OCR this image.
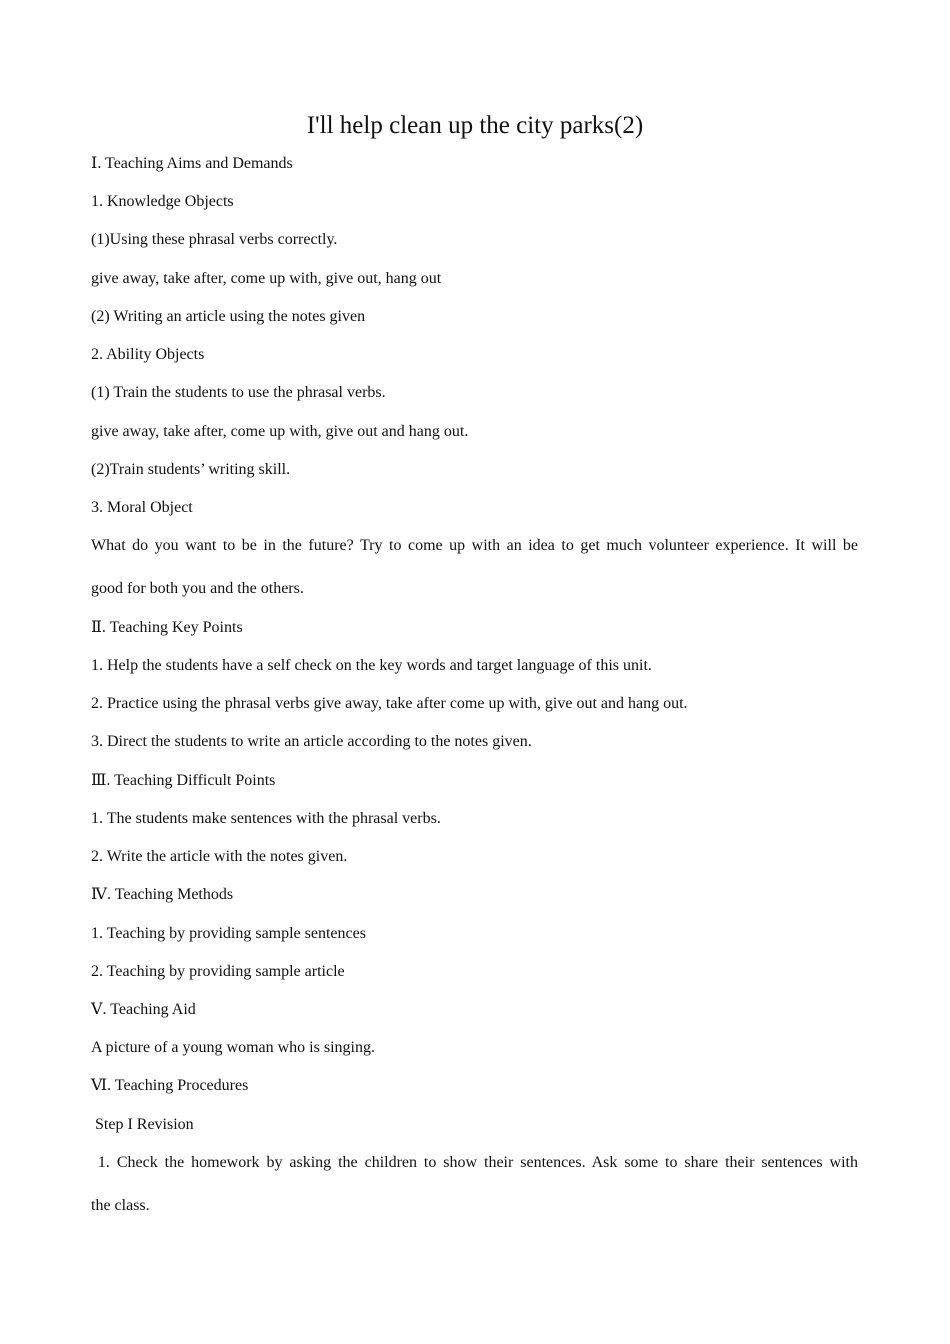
I'll help clean up the city parks(2)
Ⅰ. Teaching Aims and Demands
1. Knowledge Objects
(1)Using these phrasal verbs correctly.
give away, take after, come up with, give out, hang out
(2) Writing an article using the notes given
2. Ability Objects
(1) Train the students to use the phrasal verbs.
give away, take after, come up with, give out and hang out.
(2)Train students’ writing skill.
3. Moral Object
What do you want to be in the future? Try to come up with an idea to get much volunteer experience. It will be
good for both you and the others.
Ⅱ. Teaching Key Points
1. Help the students have a self check on the key words and target language of this unit.
2. Practice using the phrasal verbs give away, take after come up with, give out and hang out.
3. Direct the students to write an article according to the notes given.
Ⅲ. Teaching Difficult Points
1. The students make sentences with the phrasal verbs.
2. Write the article with the notes given.
Ⅳ. Teaching Methods
1. Teaching by providing sample sentences
2. Teaching by providing sample article
Ⅴ. Teaching Aid
A picture of a young woman who is singing.
Ⅵ. Teaching Procedures
Step I Revision
1. Check the homework by asking the children to show their sentences. Ask some to share their sentences with
the class.
